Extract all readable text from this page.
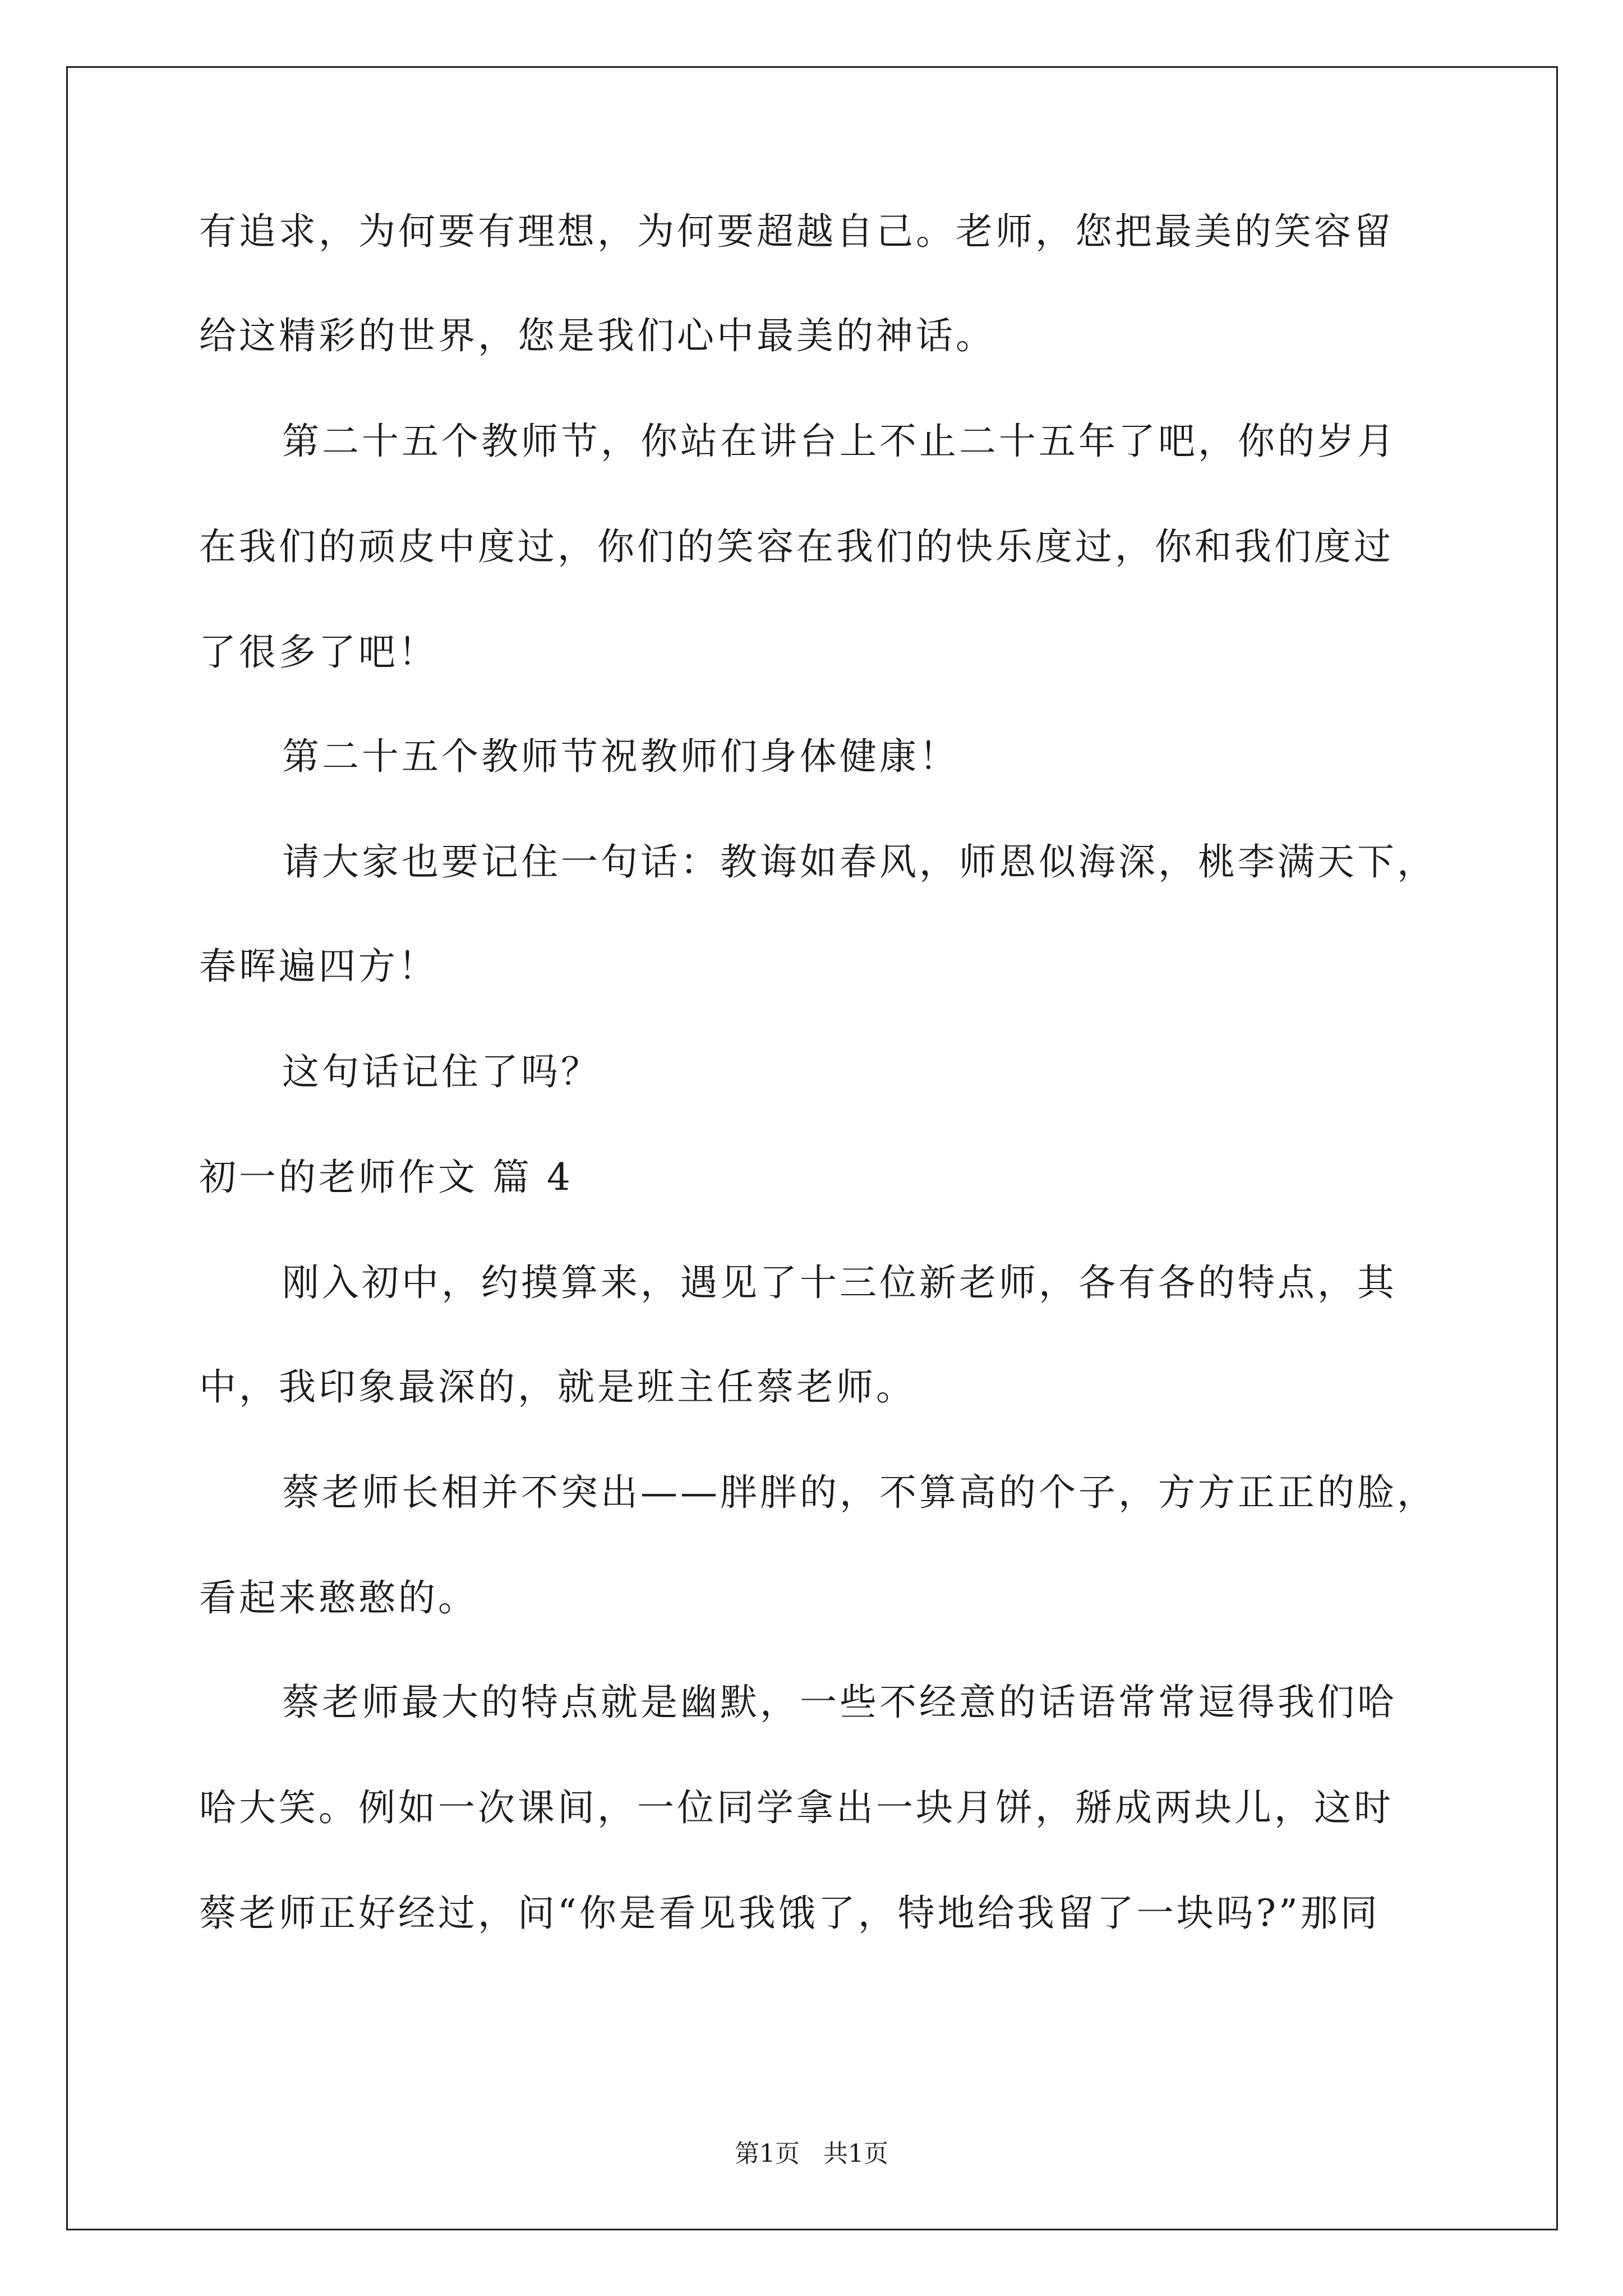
有追求，为何要有理想，为何要超越自己。老师，您把最美的笑容留
给这精彩的世界，您是我们心中最美的神话。
第二十五个教师节，你站在讲台上不止二十五年了吧，你的岁月
在我们的顽皮中度过，你们的笑容在我们的快乐度过，你和我们度过
了很多了吧！
第二十五个教师节祝教师们身体健康！
请大家也要记住一句话：教诲如春风，师恩似海深，桃李满天下，
春晖遍四方！
这句话记住了吗？
初一的老师作文 篇 4
刚入初中，约摸算来，遇见了十三位新老师，各有各的特点，其
中，我印象最深的，就是班主任蔡老师。
蔡老师长相并不突出——胖胖的，不算高的个子，方方正正的脸，
看起来憨憨的。
蔡老师最大的特点就是幽默，一些不经意的话语常常逗得我们哈
哈大笑。例如一次课间，一位同学拿出一块月饼，掰成两块儿，这时
蔡老师正好经过，问“你是看见我饿了，特地给我留了一块吗?”那同
第1页   共1页
